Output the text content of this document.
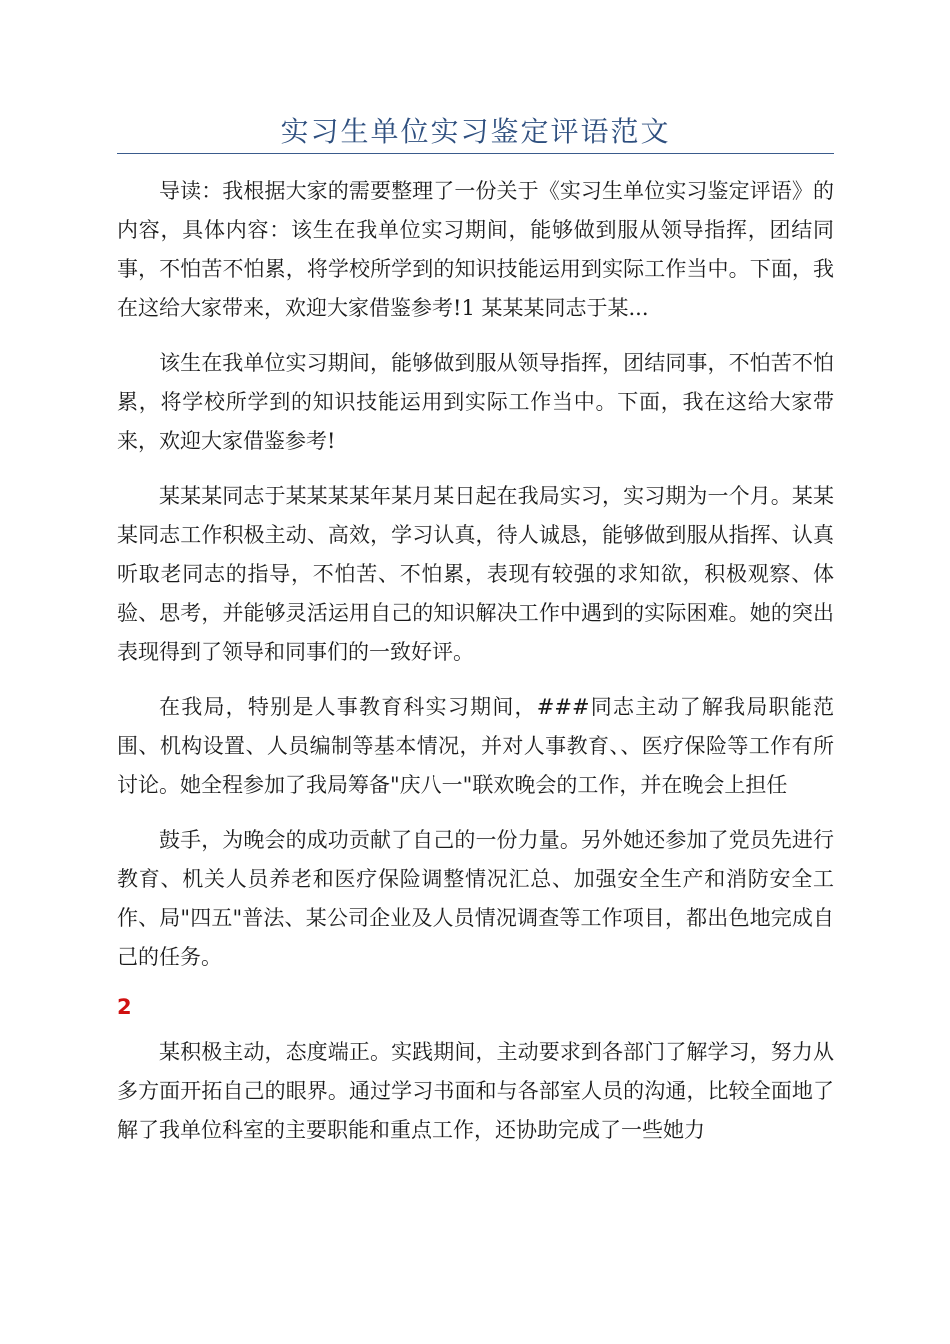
实习生单位实习鉴定评语范文

导读：我根据大家的需要整理了一份关于《实习生单位实习鉴定评语》的内容，具体内容：该生在我单位实习期间，能够做到服从领导指挥，团结同事，不怕苦不怕累，将学校所学到的知识技能运用到实际工作当中。下面，我在这给大家带来，欢迎大家借鉴参考!1 某某某同志于某...

该生在我单位实习期间，能够做到服从领导指挥，团结同事，不怕苦不怕累，将学校所学到的知识技能运用到实际工作当中。下面，我在这给大家带来，欢迎大家借鉴参考!

某某某同志于某某某某年某月某日起在我局实习，实习期为一个月。某某某同志工作积极主动、高效，学习认真，待人诚恳，能够做到服从指挥、认真听取老同志的指导，不怕苦、不怕累，表现有较强的求知欲，积极观察、体验、思考，并能够灵活运用自己的知识解决工作中遇到的实际困难。她的突出表现得到了领导和同事们的一致好评。

在我局，特别是人事教育科实习期间，###同志主动了解我局职能范围、机构设置、人员编制等基本情况，并对人事教育、、医疗保险等工作有所讨论。她全程参加了我局筹备"庆八一"联欢晚会的工作，并在晚会上担任

鼓手，为晚会的成功贡献了自己的一份力量。另外她还参加了党员先进行教育、机关人员养老和医疗保险调整情况汇总、加强安全生产和消防安全工作、局"四五"普法、某公司企业及人员情况调查等工作项目，都出色地完成自己的任务。

2

某积极主动，态度端正。实践期间，主动要求到各部门了解学习，努力从多方面开拓自己的眼界。通过学习书面和与各部室人员的沟通，比较全面地了解了我单位科室的主要职能和重点工作，还协助完成了一些她力
